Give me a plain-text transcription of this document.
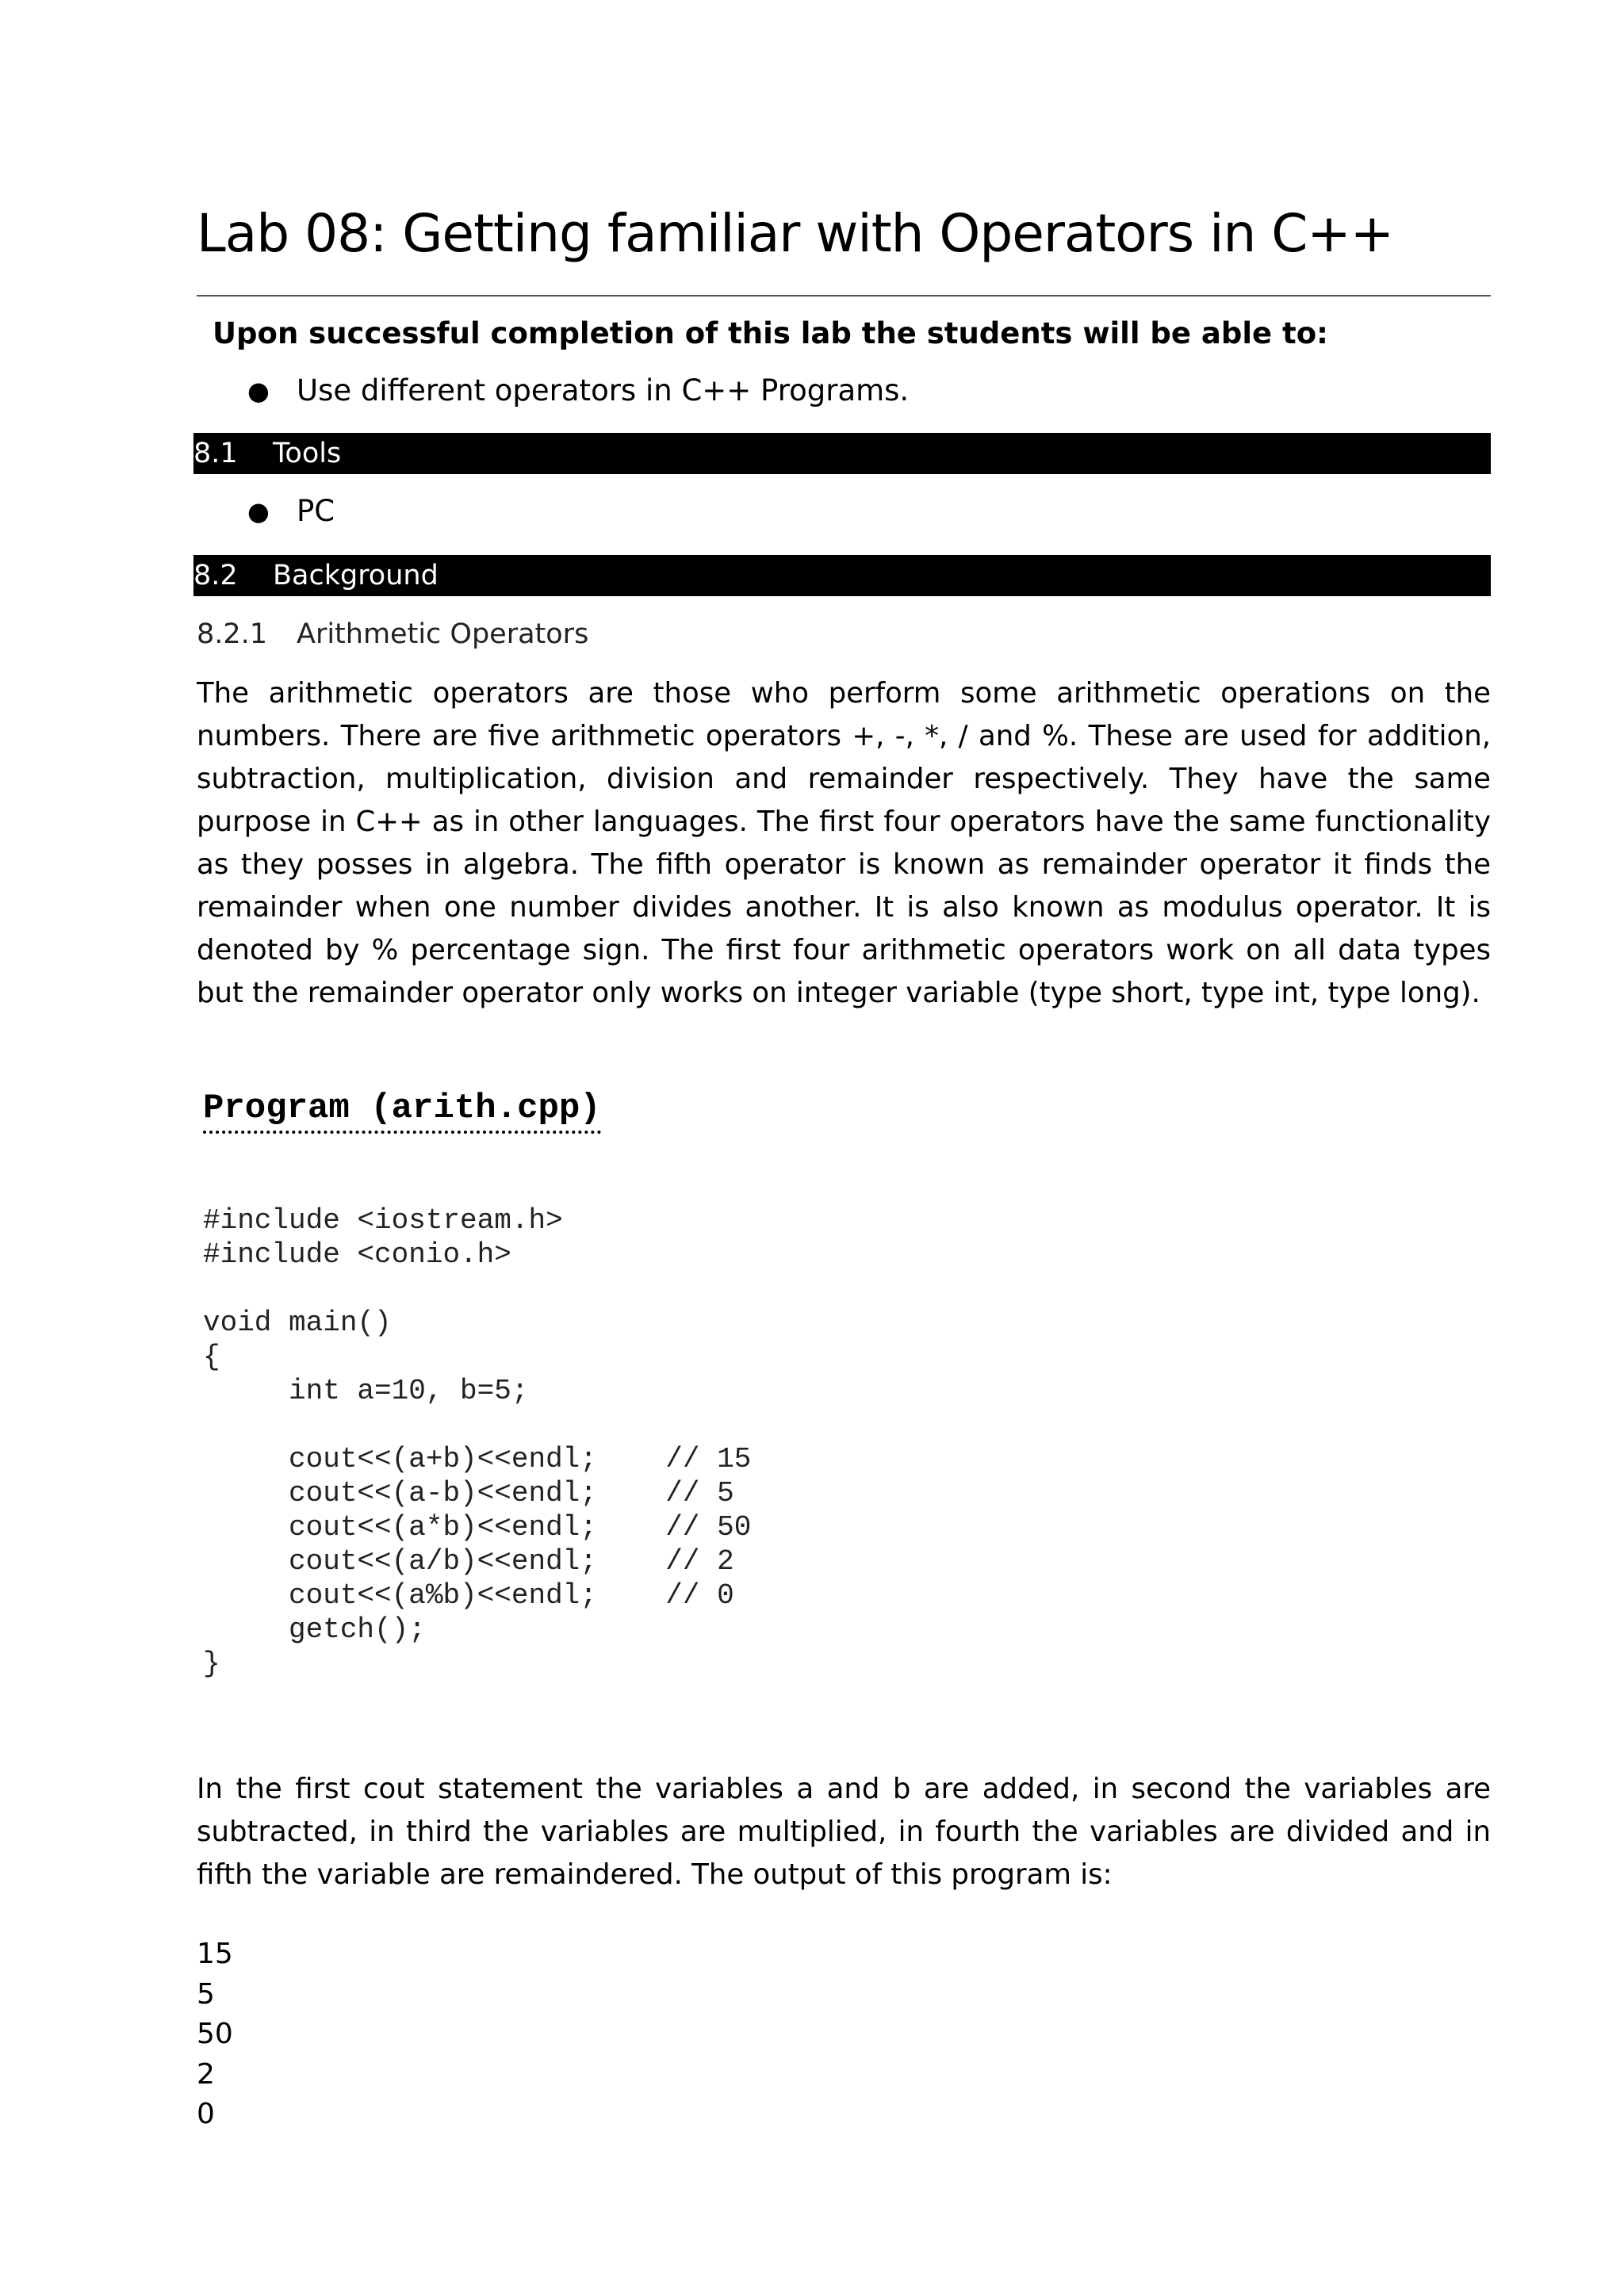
Lab 08: Getting familiar with Operators in C++
Upon successful completion of this lab the students will be able to:
● Use different operators in C++ Programs.
8.1	Tools
● PC
8.2	Background
8.2.1	Arithmetic Operators
The arithmetic operators are those who perform some arithmetic operations on the numbers. There are five arithmetic operators +, -, *, / and %. These are used for addition, subtraction, multiplication, division and remainder respectively. They have the same purpose in C++ as in other languages. The first four operators have the same functionality as they posses in algebra. The fifth operator is known as remainder operator it finds the remainder when one number divides another. It is also known as modulus operator. It is denoted by % percentage sign. The first four arithmetic operators work on all data types but the remainder operator only works on integer variable (type short, type int, type long).
Program (arith.cpp)
#include <iostream.h>
#include <conio.h>

void main()
{
int a=10, b=5;

cout<<(a+b)<<endl;    // 15
cout<<(a-b)<<endl;    // 5
cout<<(a*b)<<endl;    // 50
cout<<(a/b)<<endl;    // 2
cout<<(a%b)<<endl;    // 0
getch();
}
In the first cout statement the variables a and b are added, in second the variables are subtracted, in third the variables are multiplied, in fourth the variables are divided and in fifth the variable are remaindered. The output of this program is:
15
5
50
2
0
